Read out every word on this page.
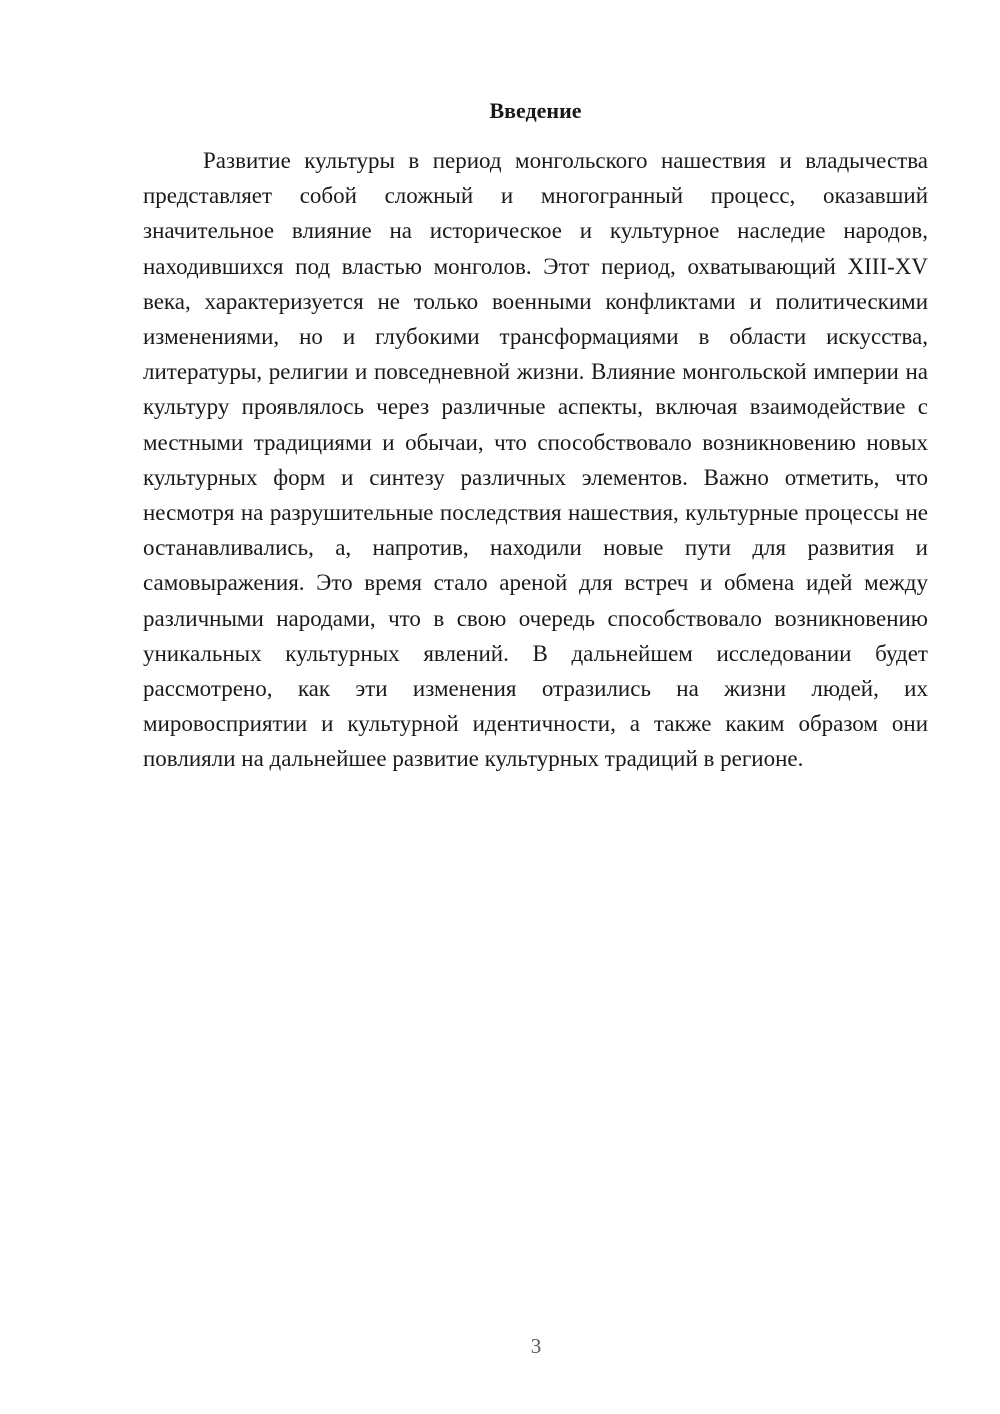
Введение

Развитие культуры в период монгольского нашествия и владычества представляет собой сложный и многогранный процесс, оказавший значительное влияние на историческое и культурное наследие народов, находившихся под властью монголов. Этот период, охватывающий XIII-XV века, характеризуется не только военными конфликтами и политическими изменениями, но и глубокими трансформациями в области искусства, литературы, религии и повседневной жизни. Влияние монгольской империи на культуру проявлялось через различные аспекты, включая взаимодействие с местными традициями и обычаи, что способствовало возникновению новых культурных форм и синтезу различных элементов. Важно отметить, что несмотря на разрушительные последствия нашествия, культурные процессы не останавливались, а, напротив, находили новые пути для развития и самовыражения. Это время стало ареной для встреч и обмена идей между различными народами, что в свою очередь способствовало возникновению уникальных культурных явлений. В дальнейшем исследовании будет рассмотрено, как эти изменения отразились на жизни людей, их мировосприятии и культурной идентичности, а также каким образом они повлияли на дальнейшее развитие культурных традиций в регионе.

3
